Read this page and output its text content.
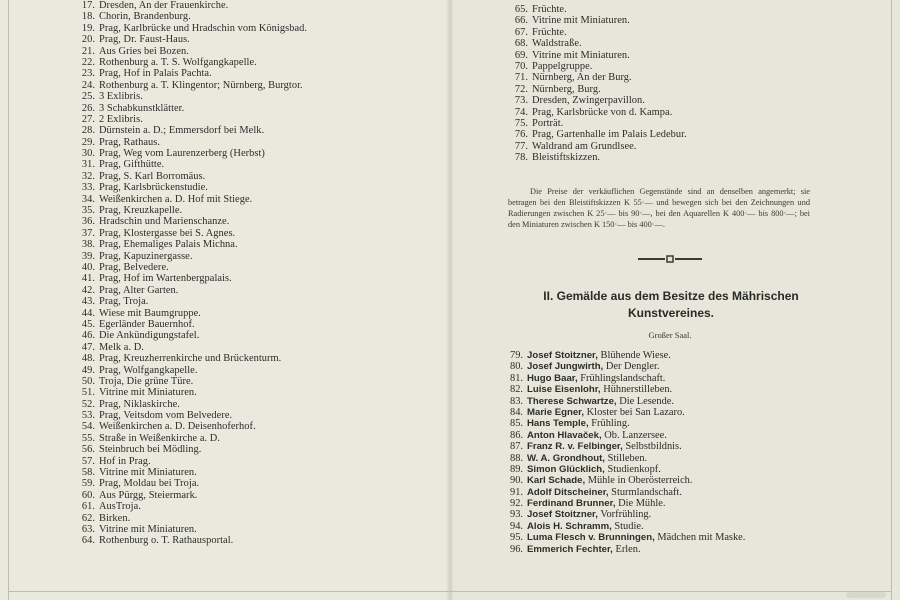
17. Dresden, An der Frauenkirche.
18. Chorin, Brandenburg.
19. Prag, Karlbrücke und Hradschin vom Königsbad.
20. Prag, Dr. Faust-Haus.
21. Aus Gries bei Bozen.
22. Rothenburg a. T. S. Wolfgangkapelle.
23. Prag, Hof in Palais Pachta.
24. Rothenburg a. T. Klingentor; Nürnberg, Burgtor.
25. 3 Exlibris.
26. 3 Schabkunstklätter.
27. 2 Exlibris.
28. Dürnstein a. D.; Emmersdorf bei Melk.
29. Prag, Rathaus.
30. Prag, Weg vom Laurenzerberg (Herbst)
31. Prag, Gifthütte.
32. Prag, S. Karl Borromäus.
33. Prag, Karlsbrückenstudie.
34. Weißenkirchen a. D. Hof mit Stiege.
35. Prag, Kreuzkapelle.
36. Hradschin und Marienschanze.
37. Prag, Klostergasse bei S. Agnes.
38. Prag, Ehemaliges Palais Michna.
39. Prag, Kapuzinergasse.
40. Prag, Belvedere.
41. Prag, Hof im Wartenbergpalais.
42. Prag, Alter Garten.
43. Prag, Troja.
44. Wiese mit Baumgruppe.
45. Egerländer Bauernhof.
46. Die Ankündigungstafel.
47. Melk a. D.
48. Prag, Kreuzherrenkirche und Brückenturm.
49. Prag, Wolfgangkapelle.
50. Troja, Die grüne Türe.
51. Vitrine mit Miniaturen.
52. Prag, Niklaskirche.
53. Prag, Veitsdom vom Belvedere.
54. Weißenkirchen a. D. Deisenhoferhof.
55. Straße in Weißenkirche a. D.
56. Steinbruch bei Mödling.
57. Hof in Prag.
58. Vitrine mit Miniaturen.
59. Prag, Moldau bei Troja.
60. Aus Pürgg, Steiermark.
61. AusTroja.
62. Birken.
63. Vitrine mit Miniaturen.
64. Rothenburg o. T. Rathausportal.
65. Früchte.
66. Vitrine mit Miniaturen.
67. Früchte.
68. Waldstraße.
69. Vitrine mit Miniaturen.
70. Pappelgruppe.
71. Nürnberg, An der Burg.
72. Nürnberg, Burg.
73. Dresden, Zwingerpavillon.
74. Prag, Karlsbrücke von d. Kampa.
75. Porträt.
76. Prag, Gartenhalle im Palais Ledebur.
77. Waldrand am Grundlsee.
78. Bleistiftskizzen.
Die Preise der verkäuflichen Gegenstände sind an denselben angemerkt; sie betragen bei den Bleistiftskizzen K 55·— und bewegen sich bei den Zeichnungen und Radierungen zwischen K 25·— bis 90·—, bei den Aquarellen K 400·— bis 800·—; bei den Miniaturen zwischen K 150·— bis 400·—.
II. Gemälde aus dem Besitze des Mährischen Kunstvereines.
Großer Saal.
79. Josef Stoitzner, Blühende Wiese.
80. Josef Jungwirth, Der Dengler.
81. Hugo Baar, Frühlingslandschaft.
82. Luise Eisenlohr, Hühnerstilleben.
83. Therese Schwartze, Die Lesende.
84. Marie Egner, Kloster bei San Lazaro.
85. Hans Temple, Frühling.
86. Anton Hlavaček, Ob. Lanzersee.
87. Franz R. v. Felbinger, Selbstbildnis.
88. W. A. Grondhout, Stilleben.
89. Simon Glücklich, Studienkopf.
90. Karl Schade, Mühle in Oberösterreich.
91. Adolf Ditscheiner, Sturmlandschaft.
92. Ferdinand Brunner, Die Mühle.
93. Josef Stoitzner, Vorfrühling.
94. Alois H. Schramm, Studie.
95. Luma Flesch v. Brunningen, Mädchen mit Maske.
96. Emmerich Fechter, Erlen.
